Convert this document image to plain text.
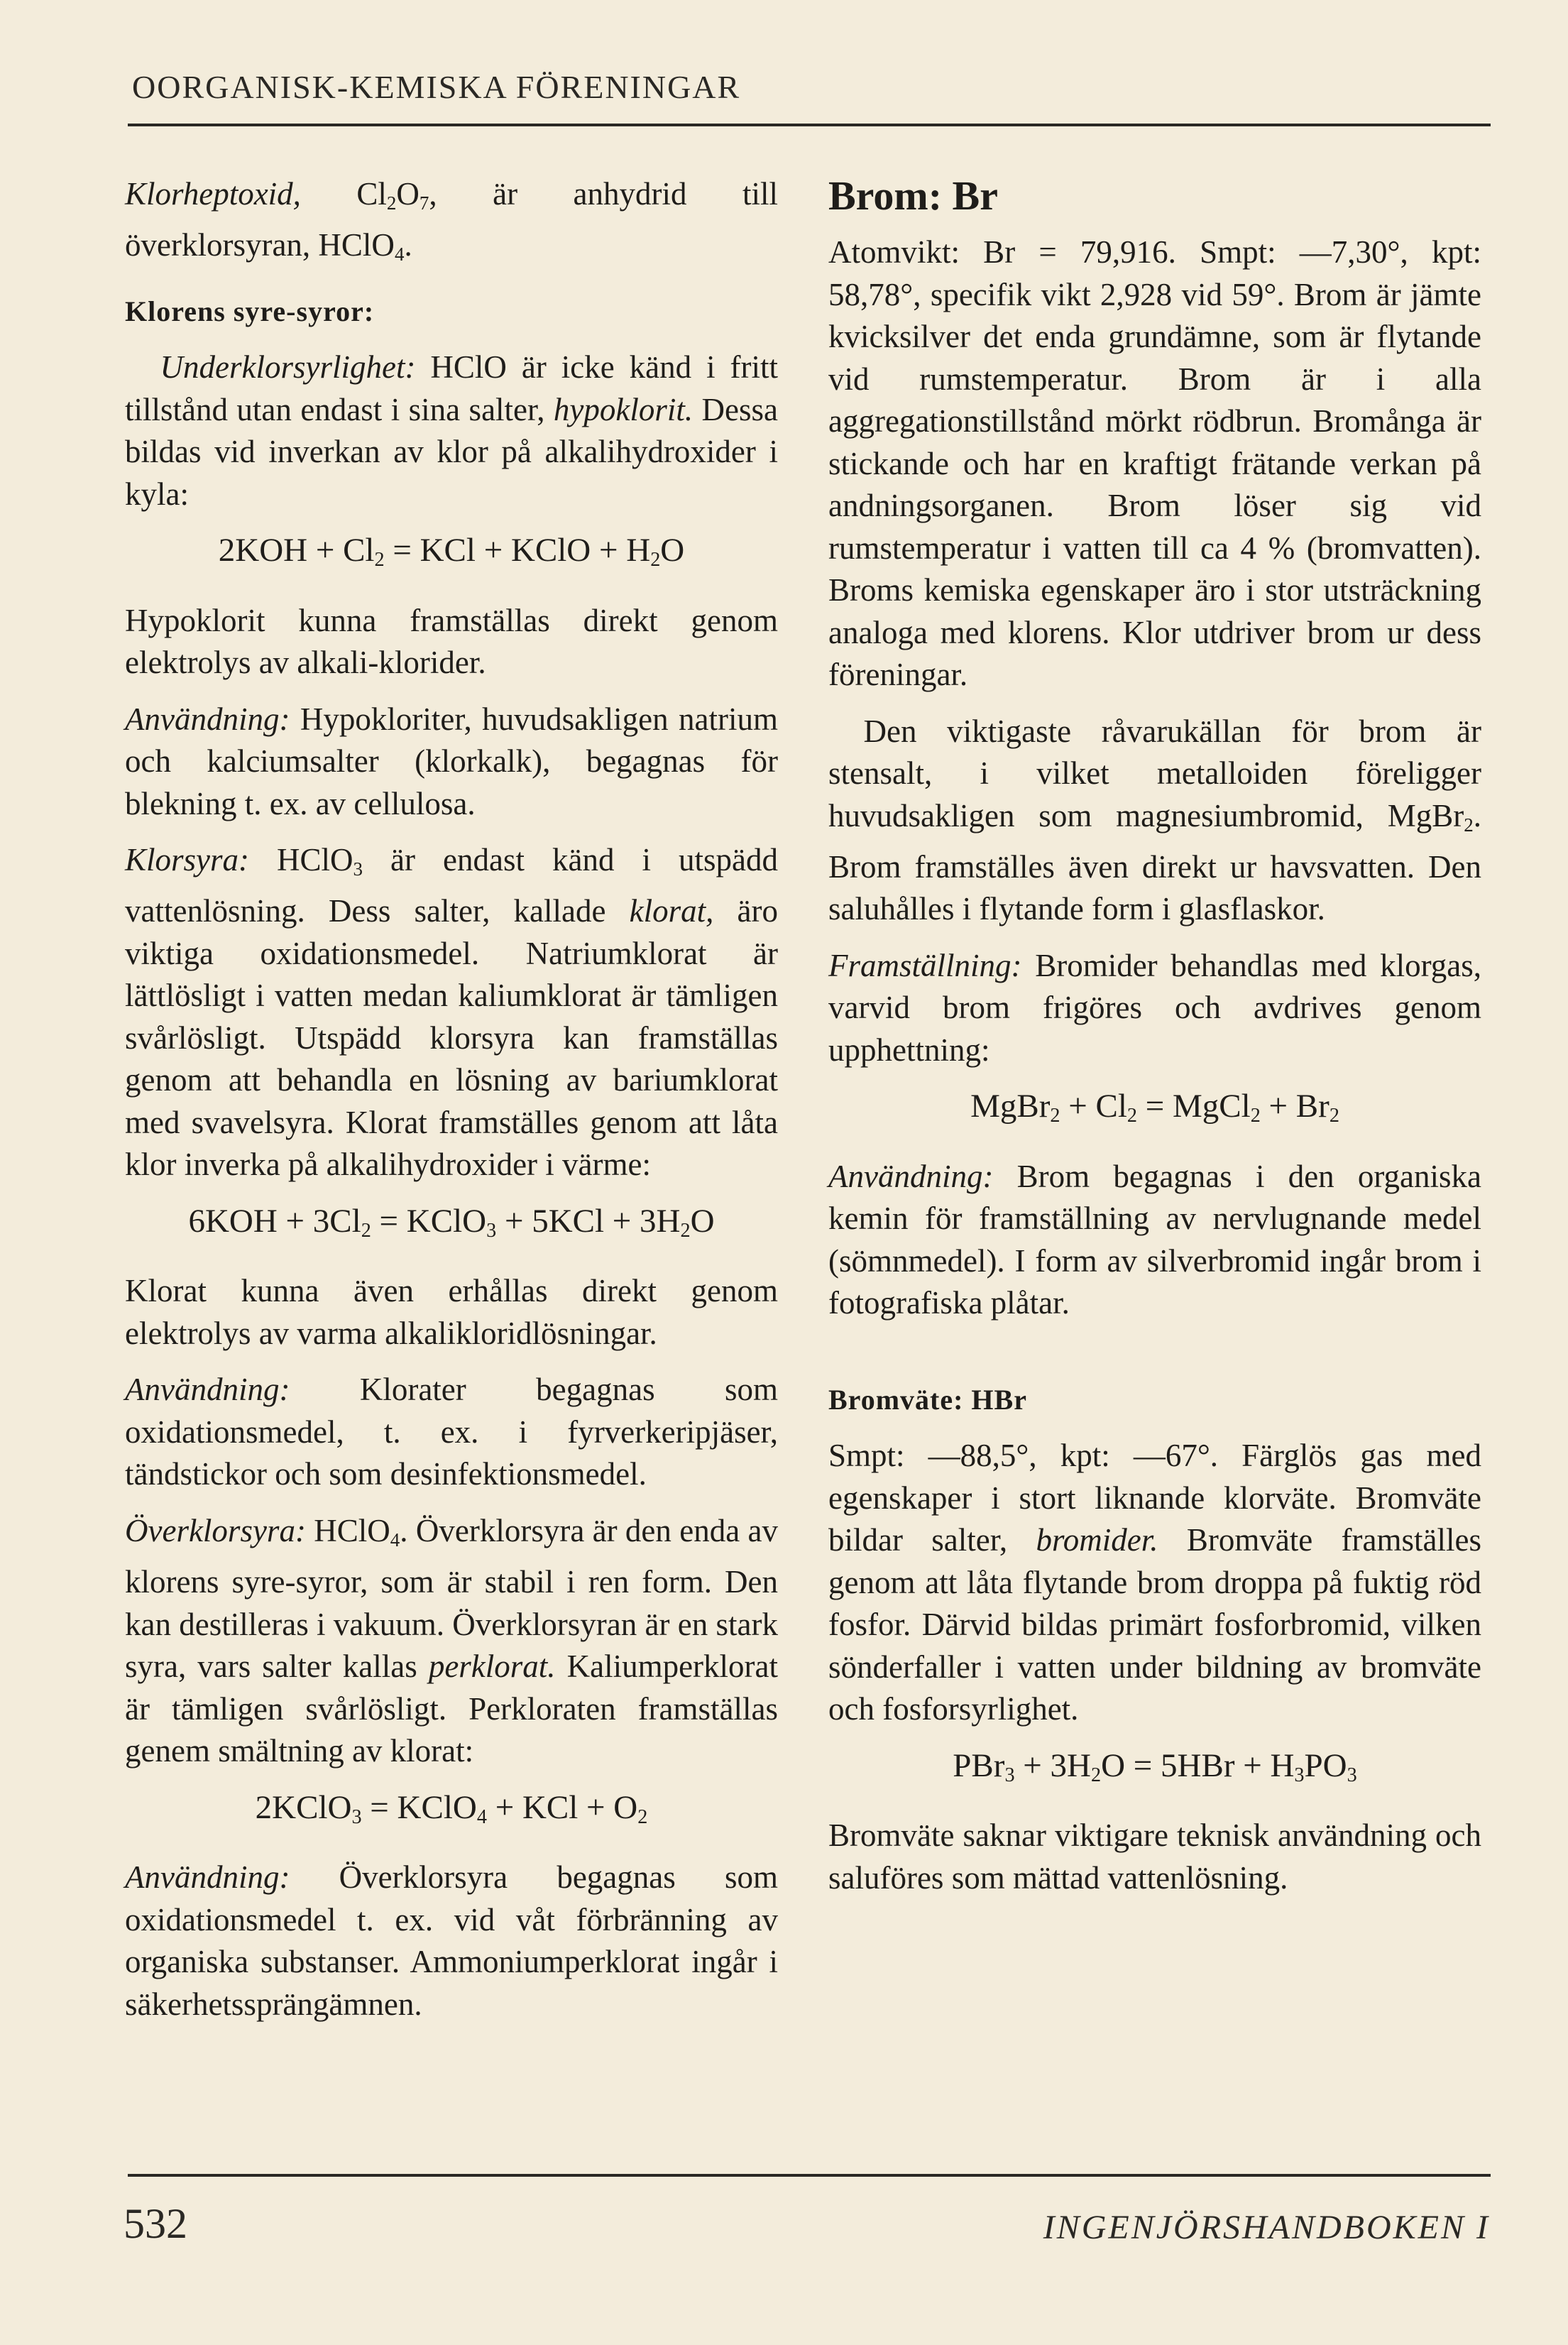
OORGANISK-KEMISKA FÖRENINGAR

Klorheptoxid, $Cl_2O_7$, är anhydrid till överklorsyran, HClO$_4$.

Klorens syre-syror:

Underklorsyrlighet: HClO är icke känd i fritt tillstånd utan endast i sina salter, hypoklorit. Dessa bildas vid inverkan av klor på alkalihydroxider i kyla:

$2KOH + Cl_2$ = KCl + KClO + $H_2O$

Hypoklorit kunna framställas direkt genom elektrolys av alkali-klorider.

Användning: Hypokloriter, huvudsakligen natrium och kalciumsalter (klorkalk), begagnas för blekning t. ex. av cellulosa.

Klorsyra: HClO$_3$ är endast känd i utspädd vattenlösning. Dess salter, kallade klorat, äro viktiga oxidationsmedel. Natriumklorat är lättlösligt i vatten medan kaliumklorat är tämligen svårlösligt. Utspädd klorsyra kan framställas genom att behandla en lösning av bariumklorat med svavelsyra. Klorat framställes genom att låta klor inverka på alkalihydroxider i värme:

$6KOH + 3Cl_2$ = KClO$_3$ + $5KCl + 3H_2O$

Klorat kunna även erhållas direkt genom elektrolys av varma alkalikloridlösningar.

Användning: Klorater begagnas som oxidationsmedel, t. ex. i fyrverkeripjäser, tändstickor och som desinfektionsmedel.

Överklorsyra: HClO$_4$. Överklorsyra är den enda av klorens syre-syror, som är stabil i ren form. Den kan destilleras i vakuum. Överklorsyran är en stark syra, vars salter kallas perklorat. Kaliumperklorat är tämligen svårlösligt. Perkloraten framställas genem smältning av klorat:

2KClO$_3$ = KClO$_4$ + KCl + $O_2$

Användning: Överklorsyra begagnas som oxidationsmedel t. ex. vid våt förbränning av organiska substanser. Ammoniumperklorat ingår i säkerhetssprängämnen.

Brom: Br

Atomvikt: Br = 79,916. Smpt: —7,30°, kpt: 58,78°, specifik vikt 2,928 vid 59°. Brom är jämte kvicksilver det enda grundämne, som är flytande vid rumstemperatur. Brom är i alla aggregationstillstånd mörkt rödbrun. Bromånga är stickande och har en kraftigt frätande verkan på andningsorganen. Brom löser sig vid rumstemperatur i vatten till ca 4 % (bromvatten). Broms kemiska egenskaper äro i stor utsträckning analoga med klorens. Klor utdriver brom ur dess föreningar.

Den viktigaste råvarukällan för brom är stensalt, i vilket metalloiden föreligger huvudsakligen som magnesiumbromid, MgBr$_2$. Brom framställes även direkt ur havsvatten. Den saluhålles i flytande form i glasflaskor.

Framställning: Bromider behandlas med klorgas, varvid brom frigöres och avdrives genom upphettning:

MgBr$_2$ + $Cl_2$ = MgCl$_2$ + $Br_2$

Användning: Brom begagnas i den organiska kemin för framställning av nervlugnande medel (sömnmedel). I form av silverbromid ingår brom i fotografiska plåtar.

Bromväte: HBr

Smpt: —88,5°, kpt: —67°. Färglös gas med egenskaper i stort liknande klorväte. Bromväte bildar salter, bromider. Bromväte framställes genom att låta flytande brom droppa på fuktig röd fosfor. Därvid bildas primärt fosforbromid, vilken sönderfaller i vatten under bildning av bromväte och fosforsyrlighet.

$PBr_3 + 3H_2O = 5HBr + H_3PO_3$

Bromväte saknar viktigare teknisk användning och saluföres som mättad vattenlösning.

532	INGENJÖRSHANDBOKEN I
